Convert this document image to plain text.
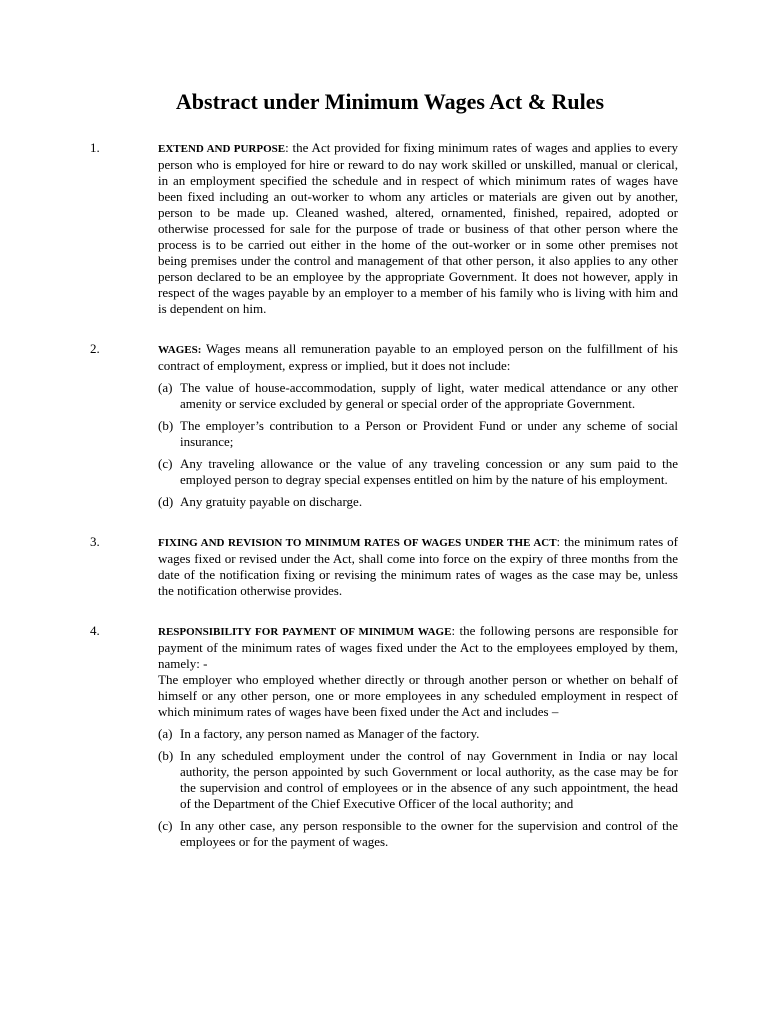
Abstract under Minimum Wages Act & Rules
1.	EXTEND AND PURPOSE: the Act provided for fixing minimum rates of wages and applies to every person who is employed for hire or reward to do nay work skilled or unskilled, manual or clerical, in an employment specified the schedule and in respect of which minimum rates of wages have been fixed including an out-worker to whom any articles or materials are given out by another, person to be made up. Cleaned washed, altered, ornamented, finished, repaired, adopted or otherwise processed for sale for the purpose of trade or business of that other person where the process is to be carried out either in the home of the out-worker or in some other premises not being premises under the control and management of that other person, it also applies to any other person declared to be an employee by the appropriate Government. It does not however, apply in respect of the wages payable by an employer to a member of his family who is living with him and is dependent on him.

2.	WAGES: Wages means all remuneration payable to an employed person on the fulfillment of his contract of employment, express or implied, but it does not include:

(a) The value of house-accommodation, supply of light, water medical attendance or any other amenity or service excluded by general or special order of the appropriate Government.
(b) The employer’s contribution to a Person or Provident Fund or under any scheme of social insurance;
(c) Any traveling allowance or the value of any traveling concession or any sum paid to the employed person to degray special expenses entitled on him by the nature of his employment.
(d) Any gratuity payable on discharge.
3.	FIXING AND REVISION TO MINIMUM RATES OF WAGES UNDER THE ACT: the minimum rates of wages fixed or revised under the Act, shall come into force on the expiry of three months from the date of the notification fixing or revising the minimum rates of wages as the case may be, unless the notification otherwise provides.

4.	RESPONSIBILITY FOR PAYMENT OF MINIMUM WAGE: the following persons are responsible for payment of the minimum rates of wages fixed under the Act to the employees employed by them, namely: -

The employer who employed whether directly or through another person or whether on behalf of himself or any other person, one or more employees in any scheduled employment in respect of which minimum rates of wages have been fixed under the Act and includes –

(a) In a factory, any person named as Manager of the factory.
(b) In any scheduled employment under the control of nay Government in India or nay local authority, the person appointed by such Government or local authority, as the case may be for the supervision and control of employees or in the absence of any such appointment, the head of the Department of the Chief Executive Officer of the local authority; and
(c) In any other case, any person responsible to the owner for the supervision and control of the employees or for the payment of wages.
